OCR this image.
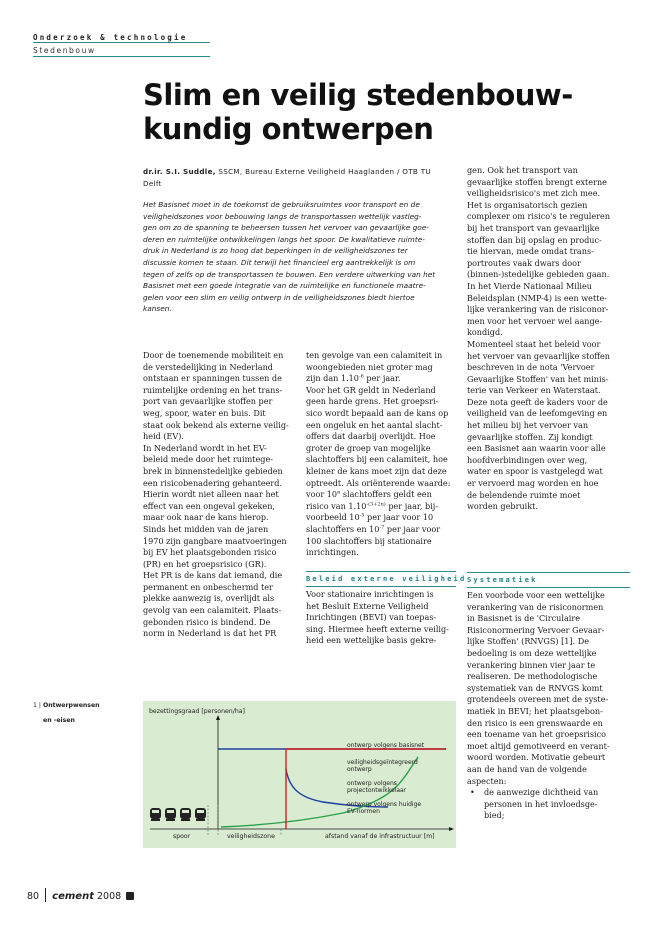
Onderzoek & technologie
Stedenbouw
Slim en veilig stedenbouw-
kundig ontwerpen
dr.ir. S.I. Suddle, SSCM, Bureau Externe Veiligheid Haaglanden / OTB TU
Delft
Het Basisnet moet in de toekomst de gebruiksruimtes voor transport en de
veiligheidszones voor bebouwing langs de transportassen wettelijk vastleg-
gen om zo de spanning te beheersen tussen het vervoer van gevaarlijke goe-
deren en ruimtelijke ontwikkelingen langs het spoor. De kwalitatieve ruimte-
druk in Nederland is zo hoog dat beperkingen in de veiligheidszones ter
discussie komen te staan. Dit terwijl het financieel erg aantrekkelijk is om
tegen of zelfs op de transportassen te bouwen. Een verdere uitwerking van het
Basisnet met een goede integratie van de ruimtelijke en functionele maatre-
gelen voor een slim en veilig ontwerp in de veiligheidszones biedt hiertoe
kansen.
Door de toenemende mobiliteit en
de verstedelijking in Nederland
ontstaan er spanningen tussen de
ruimtelijke ordening en het trans-
port van gevaarlijke stoffen per
weg, spoor, water en buis. Dit
staat ook bekend als externe veilig-
heid (EV).
In Nederland wordt in het EV-
beleid mede door het ruimtege-
brek in binnenstedelijke gebieden
een risicobenadering gehanteerd.
Hierin wordt niet alleen naar het
effect van een ongeval gekeken,
maar ook naar de kans hierop.
Sinds het midden van de jaren
1970 zijn gangbare maatvoeringen
bij EV het plaatsgebonden risico
(PR) en het groepsrisico (GR).
Het PR is de kans dat iemand, die
permanent en onbeschermd ter
plekke aanwezig is, overlijdt als
gevolg van een calamiteit. Plaats-
gebonden risico is bindend. De
norm in Nederland is dat het PR
ten gevolge van een calamiteit in
woongebieden niet groter mag
zijn dan $1.10^{-6}$ per jaar.
Voor het GR geldt in Nederland
geen harde grens. Het groepsri-
sico wordt bepaald aan de kans op
een ongeluk en het aantal slacht-
offers dat daarbij overlijdt. Hoe
groter de groep van mogelijke
slachtoffers bij een calamiteit, hoe
kleiner de kans moet zijn dat deze
optreedt. Als oriënterende waarde:
voor 10$^n$ slachtoffers geldt een
risico van $1.10^{-(3+2n)}$ per jaar, bij-
voorbeeld $10^{-5}$ per jaar voor 10
slachtoffers en $10^{-7}$ per jaar voor
100 slachtoffers bij stationaire
inrichtingen.
Beleid externe veiligheid
Voor stationaire inrichtingen is
het Besluit Externe Veiligheid
Inrichtingen (BEVI) van toepas-
sing. Hiermee heeft externe veilig-
heid een wettelijke basis gekre-
gen. Ook het transport van
gevaarlijke stoffen brengt externe
veiligheidsrisico's met zich mee.
Het is organisatorisch gezien
complexer om risico's te reguleren
bij het transport van gevaarlijke
stoffen dan bij opslag en produc-
tie hiervan, mede omdat trans-
portroutes vaak dwars door
(binnen-)stedelijke gebieden gaan.
In het Vierde Nationaal Milieu
Beleidsplan (NMP-4) is een wette-
lijke verankering van de risiconor-
men voor het vervoer wel aange-
kondigd.
Momenteel staat het beleid voor
het vervoer van gevaarlijke stoffen
beschreven in de nota 'Vervoer
Gevaarlijke Stoffen' van het minis-
terie van Verkeer en Waterstaat.
Deze nota geeft de kaders voor de
veiligheid van de leefomgeving en
het milieu bij het vervoer van
gevaarlijke stoffen. Zij kondigt
een Basisnet aan waarin voor alle
hoofdverbindingen over weg,
water en spoor is vastgelegd wat
er vervoerd mag worden en hoe
de belendende ruimte moet
worden gebruikt.
Systematiek
Een voorbode voor een wettelijke
verankering van de risiconormen
in Basisnet is de 'Circulaire
Risiconormering Vervoer Gevaar-
lijke Stoffen' (RNVGS) [1]. De
bedoeling is om deze wettelijke
verankering binnen vier jaar te
realiseren. De methodologische
systematiek van de RNVGS komt
grotendeels overeen met de syste-
matiek in BEVI; het plaatsgebon-
den risico is een grenswaarde en
een toename van het groepsrisico
moet altijd gemotiveerd en verant-
woord worden. Motivatie gebeurt
aan de hand van de volgende
aspecten:
• de aanwezige dichtheid van
personen in het invloedsge-
bied;
1 | Ontwerpwensen
en -eisen
bezettingsgraad [personen/ha]
ontwerp volgens basisnet
veiligheidsgeïntegreerd ontwerp
ontwerp volgens projectontwikkelaar
ontwerp volgens huidige EV-normen
spoor	veiligheidszone	afstand vanaf de infrastructuur [m]
80 cement 2008
